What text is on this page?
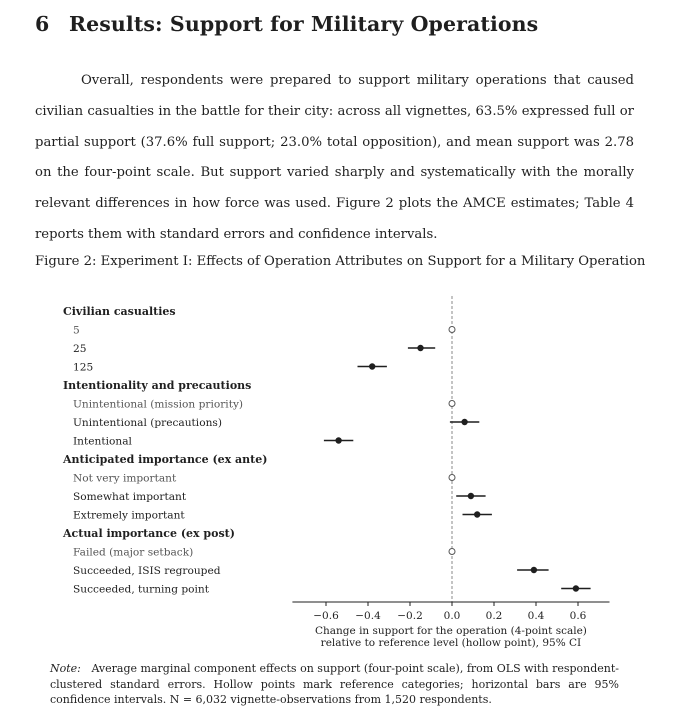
6 Results: Support for Military Operations

Overall, respondents were prepared to support military operations that caused civilian casualties in the battle for their city: across all vignettes, 63.5% expressed full or partial support (37.6% full support; 23.0% total opposition), and mean support was 2.78 on the four-point scale. But support varied sharply and systematically with the morally relevant differences in how force was used. Figure 2 plots the AMCE estimates; Table 4 reports them with standard errors and confidence intervals.

Figure 2: Experiment I: Effects of Operation Attributes on Support for a Military Operation
Civilian casualties
5
25
125
Intentionality and precautions
Unintentional (mission priority)
Unintentional (precautions)
Intentional
Anticipated importance (ex ante)
Not very important
Somewhat important
Extremely important
Actual importance (ex post)
Failed (major setback)
Succeeded, ISIS regrouped
Succeeded, turning point
−0.6 −0.4 −0.2 0.0 0.2 0.4 0.6
Change in support for the operation (4-point scale)
relative to reference level (hollow point), 95% CI
Note: Average marginal component effects on support (four-point scale), from OLS with respondent-clustered standard errors. Hollow points mark reference categories; horizontal bars are 95% confidence intervals. N = 6,032 vignette-observations from 1,520 respondents.
